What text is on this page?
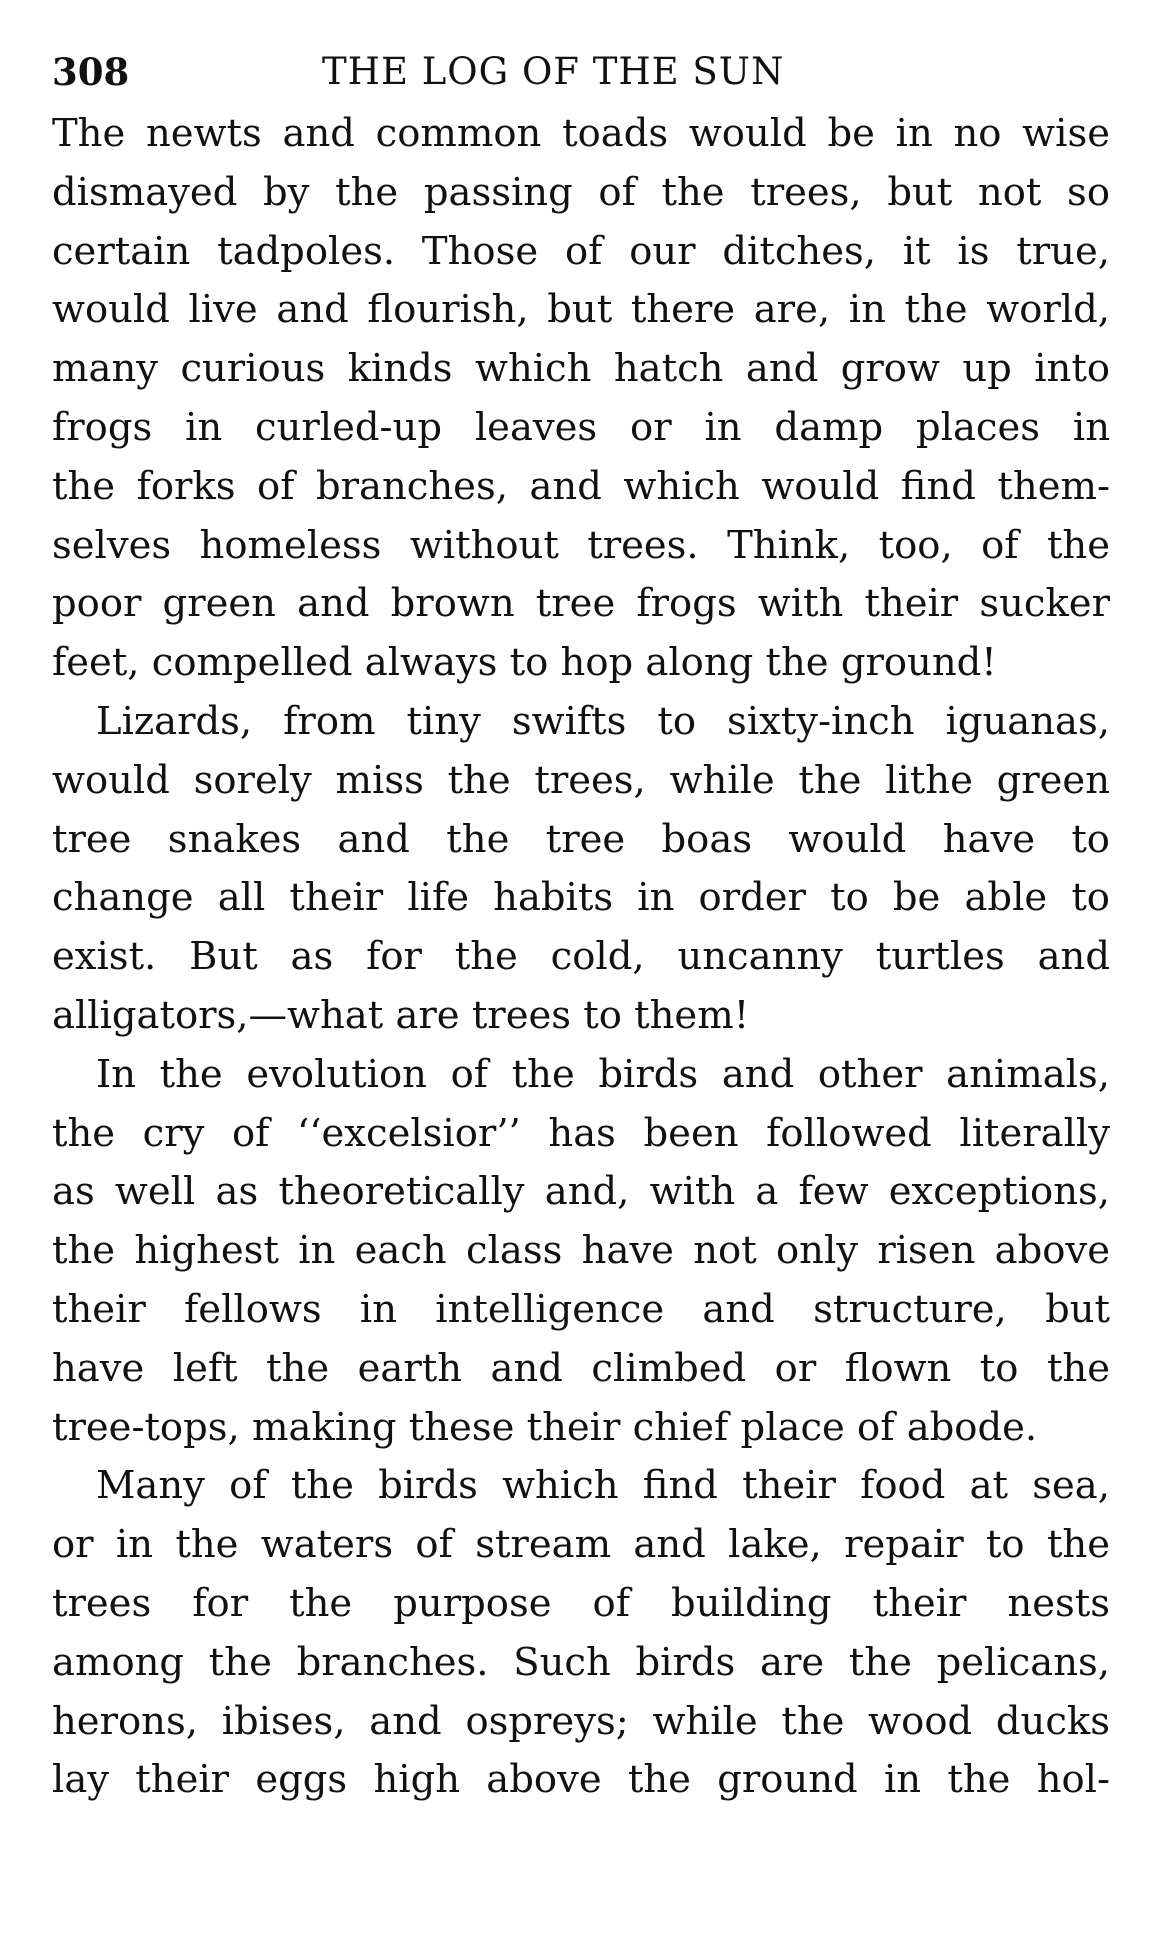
308	THE LOG OF THE SUN

The newts and common toads would be in no wise
dismayed by the passing of the trees, but not so
certain tadpoles. Those of our ditches, it is true,
would live and flourish, but there are, in the world,
many curious kinds which hatch and grow up into
frogs in curled-up leaves or in damp places in
the forks of branches, and which would find them-
selves homeless without trees. Think, too, of the
poor green and brown tree frogs with their sucker
feet, compelled always to hop along the ground!

Lizards, from tiny swifts to sixty-inch iguanas,
would sorely miss the trees, while the lithe green
tree snakes and the tree boas would have to
change all their life habits in order to be able to
exist. But as for the cold, uncanny turtles and
alligators,—what are trees to them!

In the evolution of the birds and other animals,
the cry of ‘‘excelsior’’ has been followed literally
as well as theoretically and, with a few exceptions,
the highest in each class have not only risen above
their fellows in intelligence and structure, but
have left the earth and climbed or flown to the
tree-tops, making these their chief place of abode.

Many of the birds which find their food at sea,
or in the waters of stream and lake, repair to the
trees for the purpose of building their nests
among the branches. Such birds are the pelicans,
herons, ibises, and ospreys; while the wood ducks
lay their eggs high above the ground in the hol-
